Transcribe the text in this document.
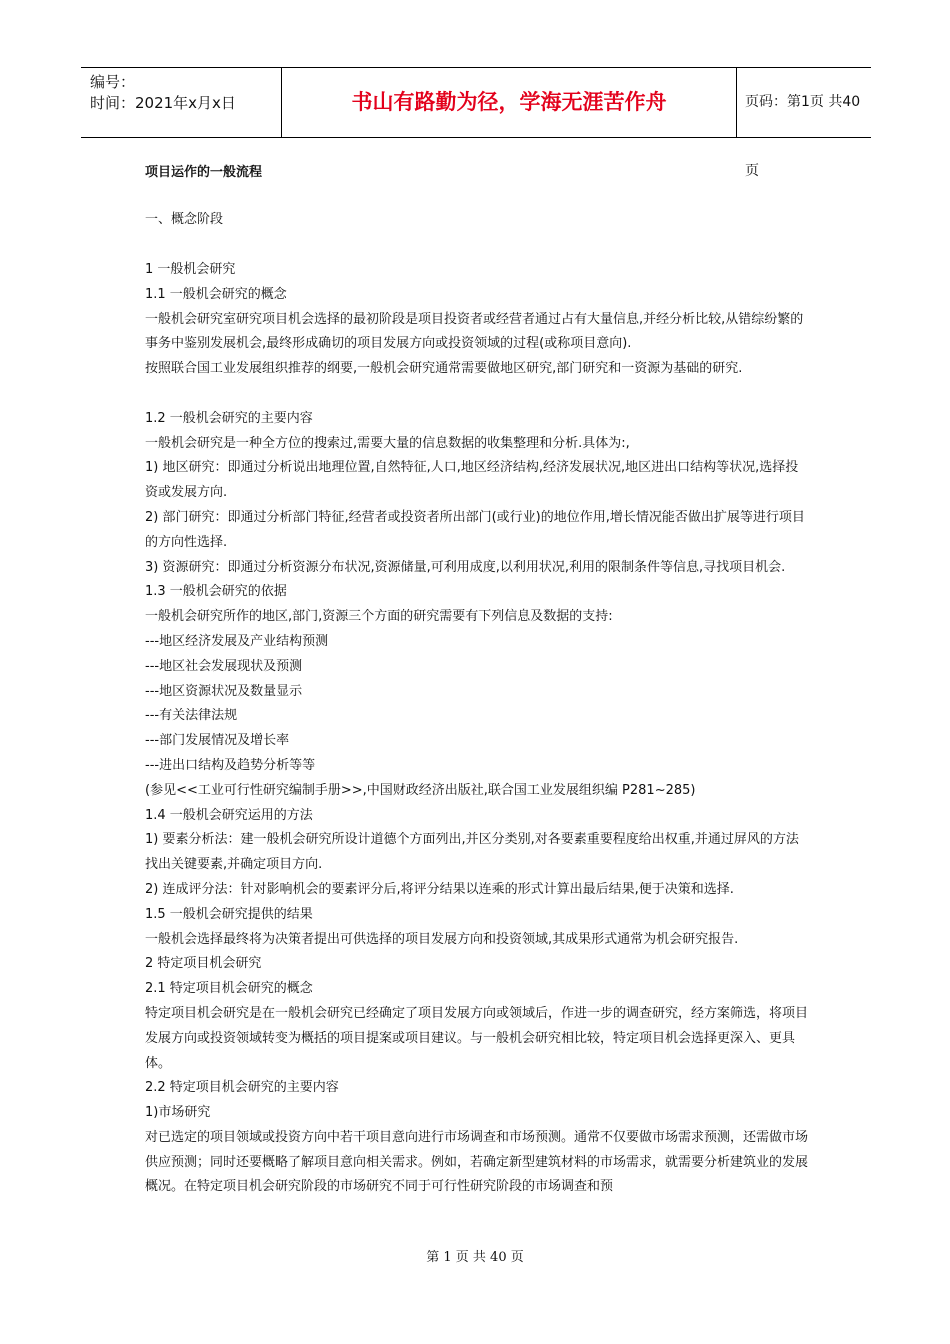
编号：
时间：2021年x月x日	书山有路勤为径，学海无涯苦作舟	页码：第1页 共40页
项目运作的一般流程
一、概念阶段

1 一般机会研究

1.1 一般机会研究的概念

一般机会研究室研究项目机会选择的最初阶段是项目投资者或经营者通过占有大量信息,并经分析比较,从错综纷繁的事务中鉴别发展机会,最终形成确切的项目发展方向或投资领域的过程(或称项目意向).

按照联合国工业发展组织推荐的纲要,一般机会研究通常需要做地区研究,部门研究和一资源为基础的研究.

1.2 一般机会研究的主要内容

一般机会研究是一种全方位的搜索过,需要大量的信息数据的收集整理和分析.具体为:,

1) 地区研究：即通过分析说出地理位置,自然特征,人口,地区经济结构,经济发展状况,地区进出口结构等状况,选择投资或发展方向.

2) 部门研究：即通过分析部门特征,经营者或投资者所出部门(或行业)的地位作用,增长情况能否做出扩展等进行项目的方向性选择.

3) 资源研究：即通过分析资源分布状况,资源储量,可利用成度,以利用状况,利用的限制条件等信息,寻找项目机会.

1.3 一般机会研究的依据

一般机会研究所作的地区,部门,资源三个方面的研究需要有下列信息及数据的支持:

---地区经济发展及产业结构预测

---地区社会发展现状及预测

---地区资源状况及数量显示

---有关法律法规

---部门发展情况及增长率

---进出口结构及趋势分析等等

(参见<<工业可行性研究编制手册>>,中国财政经济出版社,联合国工业发展组织编 P281~285)

1.4 一般机会研究运用的方法

1) 要素分析法：建一般机会研究所设计道德个方面列出,并区分类别,对各要素重要程度给出权重,并通过屏风的方法找出关键要素,并确定项目方向.

2) 连成评分法：针对影响机会的要素评分后,将评分结果以连乘的形式计算出最后结果,便于决策和选择.

1.5 一般机会研究提供的结果

一般机会选择最终将为决策者提出可供选择的项目发展方向和投资领域,其成果形式通常为机会研究报告.

2 特定项目机会研究

2.1 特定项目机会研究的概念

特定项目机会研究是在一般机会研究已经确定了项目发展方向或领域后，作进一步的调查研究，经方案筛选，将项目发展方向或投资领域转变为概括的项目提案或项目建议。与一般机会研究相比较，特定项目机会选择更深入、更具体。

2.2 特定项目机会研究的主要内容

1)市场研究

对已选定的项目领域或投资方向中若干项目意向进行市场调查和市场预测。通常不仅要做市场需求预测，还需做市场供应预测；同时还要概略了解项目意向相关需求。例如，若确定新型建筑材料的市场需求，就需要分析建筑业的发展概况。在特定项目机会研究阶段的市场研究不同于可行性研究阶段的市场调查和预

第 1 页 共 40 页
